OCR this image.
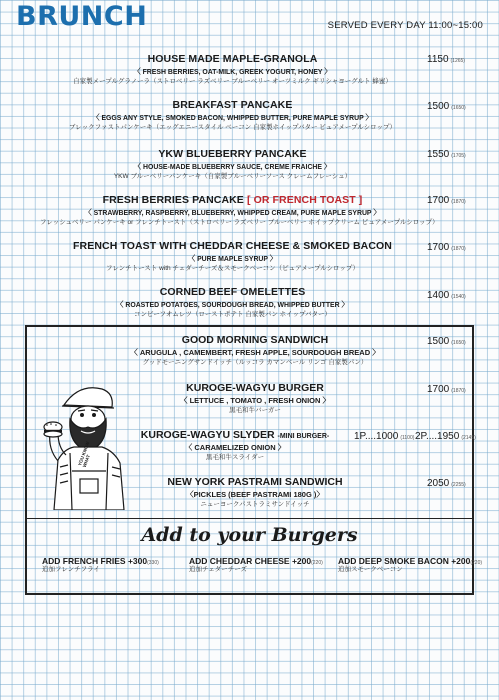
BRUNCH	SERVED EVERY DAY 11:00~15:00
HOUSE MADE MAPLE-GRANOLA
〈 FRESH BERRIES, OAT-MILK, GREEK YOGURT, HONEY 〉
自家製メープルグラノーラ（ストロベリー ラズベリー ブルーベリー オーツミルク ギリシャヨーグルト 蜂蜜）
1150 (1265)
BREAKFAST PANCAKE
〈 EGGS ANY STYLE, SMOKED BACON, WHIPPED BUTTER, PURE MAPLE SYRUP 〉
ブレックファストパンケーキ（エッグエニースタイル ベーコン 自家製ホイップバター ピュアメープルシロップ）
1500 (1650)
YKW BLUEBERRY PANCAKE
〈 HOUSE-MADE BLUEBERRY SAUCE, CREME FRAICHE 〉
YKW ブルーベリーパンケーキ（自家製ブルーベリーソース クレームフレーシュ）
1550 (1705)
FRESH BERRIES PANCAKE [ OR FRENCH TOAST ]
〈 STRAWBERRY, RASPBERRY, BLUEBERRY, WHIPPED CREAM, PURE MAPLE SYRUP 〉
フレッシュベリー パンケーキ or フレンチトースト（ストロベリー ラズベリー ブルーベリー ホイップクリーム ピュアメープルシロップ）
1700 (1870)
FRENCH TOAST WITH CHEDDAR CHEESE & SMOKED BACON
〈 PURE MAPLE SYRUP 〉
フレンチトースト with チェダーチーズ＆スモークベーコン（ピュアメープルシロップ）
1700 (1870)
CORNED BEEF OMELETTES
〈 ROASTED POTATOES, SOURDOUGH BREAD, WHIPPED BUTTER 〉
コンビーフオムレツ（ローストポテト 自家製パン ホイップバター）
1400 (1540)
GOOD MORNING SANDWICH
〈 ARUGULA , CAMEMBERT, FRESH APPLE, SOURDOUGH BREAD 〉
グッドモーニングサンドイッチ（ルッコラ カマンベール リンゴ 自家製パン）
1500 (1650)
KUROGE-WAGYU BURGER
〈 LETTUCE , TOMATO , FRESH ONION 〉
黒毛和牛バーガー
1700 (1870)
KUROGE-WAGYU SLYDER -MINI BURGER-
〈 CARAMELIZED ONION 〉
黒毛和牛スライダー
1P....1000 (1100) 2P....1950 (2145)
NEW YORK PASTRAMI SANDWICH
〈PICKLES (BEEF PASTRAMI 180G )〉
ニューヨークパストラミサンドイッチ
2050 (2255)
YOU KNOW WHAT
Add to your Burgers
ADD FRENCH FRIES +300(330)
追加フレンチフライ
ADD CHEDDAR CHEESE +200(220)
追加チェダーチーズ
ADD DEEP SMOKE BACON +200(220)
追加スモークベーコン
